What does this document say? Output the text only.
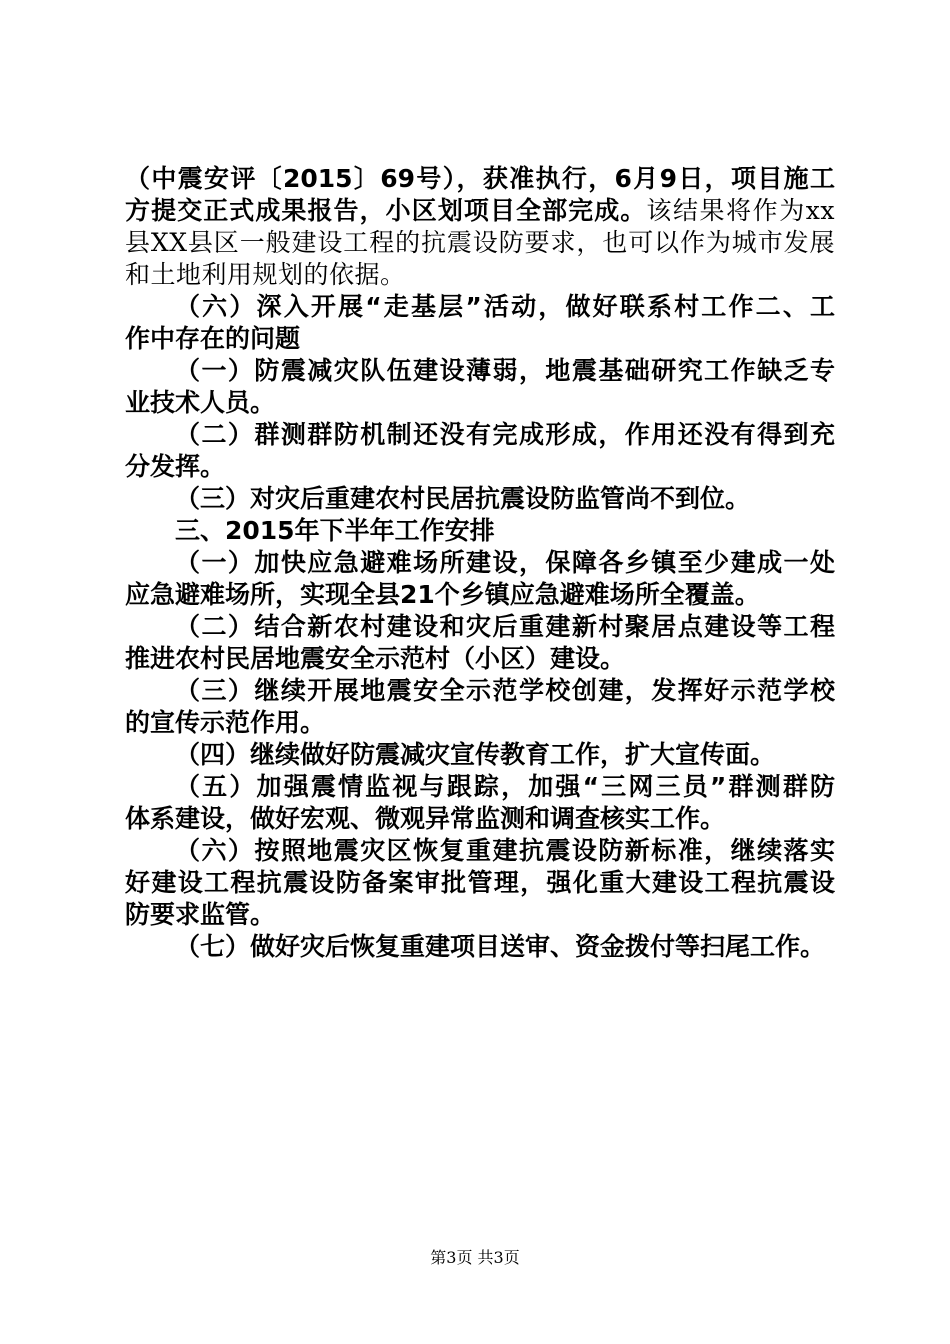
（中震安评〔2015〕69号），获准执行，6月9日，项目施工

方提交正式成果报告，小区划项目全部完成。该结果将作为xx

县XX县区一般建设工程的抗震设防要求，也可以作为城市发展

和土地利用规划的依据。

（六）深入开展“走基层”活动，做好联系村工作二、工

作中存在的问题

（一）防震减灾队伍建设薄弱，地震基础研究工作缺乏专

业技术人员。

（二）群测群防机制还没有完成形成，作用还没有得到充

分发挥。

（三）对灾后重建农村民居抗震设防监管尚不到位。

三、2015年下半年工作安排

（一）加快应急避难场所建设，保障各乡镇至少建成一处

应急避难场所，实现全县21个乡镇应急避难场所全覆盖。

（二）结合新农村建设和灾后重建新村聚居点建设等工程

推进农村民居地震安全示范村（小区）建设。

（三）继续开展地震安全示范学校创建，发挥好示范学校

的宣传示范作用。

（四）继续做好防震减灾宣传教育工作，扩大宣传面。

（五）加强震情监视与跟踪，加强“三网三员”群测群防

体系建设，做好宏观、微观异常监测和调查核实工作。

（六）按照地震灾区恢复重建抗震设防新标准，继续落实

好建设工程抗震设防备案审批管理，强化重大建设工程抗震设

防要求监管。

（七）做好灾后恢复重建项目送审、资金拨付等扫尾工作。

第3页 共3页
